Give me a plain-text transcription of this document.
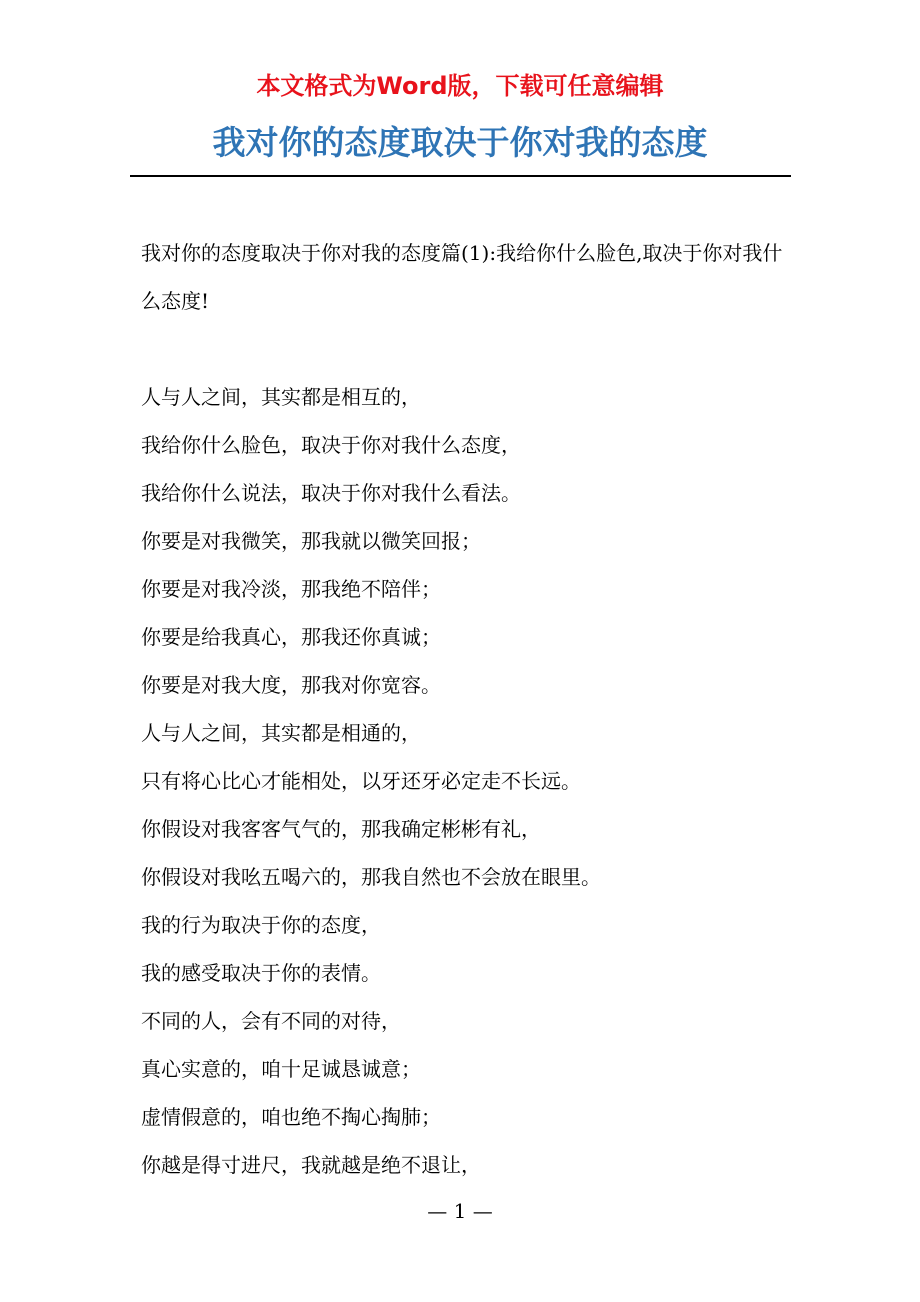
本文格式为Word版，下载可任意编辑
我对你的态度取决于你对我的态度

我对你的态度取决于你对我的态度篇(1):我给你什么脸色,取决于你对我什么态度!

人与人之间，其实都是相互的，
我给你什么脸色，取决于你对我什么态度，
我给你什么说法，取决于你对我什么看法。
你要是对我微笑，那我就以微笑回报；
你要是对我冷淡，那我绝不陪伴；
你要是给我真心，那我还你真诚；
你要是对我大度，那我对你宽容。
人与人之间，其实都是相通的，
只有将心比心才能相处，以牙还牙必定走不长远。
你假设对我客客气气的，那我确定彬彬有礼，
你假设对我吆五喝六的，那我自然也不会放在眼里。
我的行为取决于你的态度，
我的感受取决于你的表情。
不同的人，会有不同的对待，
真心实意的，咱十足诚恳诚意；
虚情假意的，咱也绝不掏心掏肺；
你越是得寸进尺，我就越是绝不退让，
— 1 —
